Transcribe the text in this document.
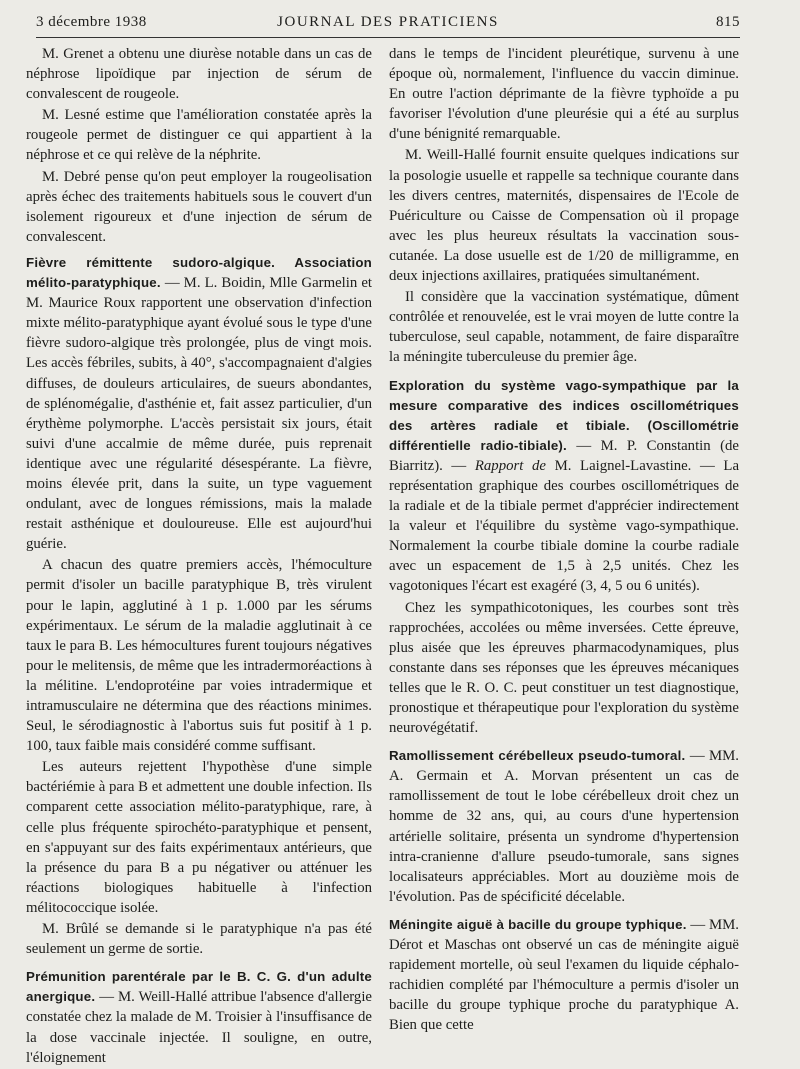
3 décembre 1938	JOURNAL DES PRATICIENS	815

M. Grenet a obtenu une diurèse notable dans un cas de néphrose lipoïdique par injection de sérum de convalescent de rougeole.

M. Lesné estime que l'amélioration constatée après la rougeole permet de distinguer ce qui appartient à la néphrose et ce qui relève de la néphrite.

M. Debré pense qu'on peut employer la rougeolisation après échec des traitements habituels sous le couvert d'un isolement rigoureux et d'une injection de sérum de convalescent.

Fièvre rémittente sudoro-algique. Association mélito-paratyphique. — M. L. Boidin, Mlle Garmelin et M. Maurice Roux rapportent une observation d'infection mixte mélito-paratyphique ayant évolué sous le type d'une fièvre sudoro-algique très prolongée, plus de vingt mois. Les accès fébriles, subits, à 40°, s'accompagnaient d'algies diffuses, de douleurs articulaires, de sueurs abondantes, de splénomégalie, d'asthénie et, fait assez particulier, d'un érythème polymorphe. L'accès persistait six jours, était suivi d'une accalmie de même durée, puis reprenait identique avec une régularité désespérante. La fièvre, moins élevée prit, dans la suite, un type vaguement ondulant, avec de longues rémissions, mais la malade restait asthénique et douloureuse. Elle est aujourd'hui guérie.

A chacun des quatre premiers accès, l'hémoculture permit d'isoler un bacille paratyphique B, très virulent pour le lapin, agglutiné à 1 p. 1.000 par les sérums expérimentaux. Le sérum de la maladie agglutinait à ce taux le para B. Les hémocultures furent toujours négatives pour le melitensis, de même que les intradermoréactions à la mélitine. L'endoprotéine par voies intradermique et intramusculaire ne détermina que des réactions minimes. Seul, le sérodiagnostic à l'abortus suis fut positif à 1 p. 100, taux faible mais considéré comme suffisant.

Les auteurs rejettent l'hypothèse d'une simple bactériémie à para B et admettent une double infection. Ils comparent cette association mélito-paratyphique, rare, à celle plus fréquente spirochéto-paratyphique et pensent, en s'appuyant sur des faits expérimentaux antérieurs, que la présence du para B a pu négativer ou atténuer les réactions biologiques habituelle à l'infection mélitococcique isolée.

M. Brûlé se demande si le paratyphique n'a pas été seulement un germe de sortie.

Prémunition parentérale par le B. C. G. d'un adulte anergique. — M. Weill-Hallé attribue l'absence d'allergie constatée chez la malade de M. Troisier à l'insuffisance de la dose vaccinale injectée. Il souligne, en outre, l'éloignement

dans le temps de l'incident pleurétique, survenu à une époque où, normalement, l'influence du vaccin diminue. En outre l'action déprimante de la fièvre typhoïde a pu favoriser l'évolution d'une pleurésie qui a été au surplus d'une bénignité remarquable.

M. Weill-Hallé fournit ensuite quelques indications sur la posologie usuelle et rappelle sa technique courante dans les divers centres, maternités, dispensaires de l'Ecole de Puériculture ou Caisse de Compensation où il propage avec les plus heureux résultats la vaccination sous-cutanée. La dose usuelle est de 1/20 de milligramme, en deux injections axillaires, pratiquées simultanément.

Il considère que la vaccination systématique, dûment contrôlée et renouvelée, est le vrai moyen de lutte contre la tuberculose, seul capable, notamment, de faire disparaître la méningite tuberculeuse du premier âge.

Exploration du système vago-sympathique par la mesure comparative des indices oscillométriques des artères radiale et tibiale. (Oscillométrie différentielle radio-tibiale). — M. P. Constantin (de Biarritz). — Rapport de M. Laignel-Lavastine. — La représentation graphique des courbes oscillométriques de la radiale et de la tibiale permet d'apprécier indirectement la valeur et l'équilibre du système vago-sympathique. Normalement la courbe tibiale domine la courbe radiale avec un espacement de 1,5 à 2,5 unités. Chez les vagotoniques l'écart est exagéré (3, 4, 5 ou 6 unités).

Chez les sympathicotoniques, les courbes sont très rapprochées, accolées ou même inversées. Cette épreuve, plus aisée que les épreuves pharmacodynamiques, plus constante dans ses réponses que les épreuves mécaniques telles que le R. O. C. peut constituer un test diagnostique, pronostique et thérapeutique pour l'exploration du système neurovégétatif.

Ramollissement cérébelleux pseudo-tumoral. — MM. A. Germain et A. Morvan présentent un cas de ramollissement de tout le lobe cérébelleux droit chez un homme de 32 ans, qui, au cours d'une hypertension artérielle solitaire, présenta un syndrome d'hypertension intra-cranienne d'allure pseudo-tumorale, sans signes localisateurs appréciables. Mort au douzième mois de l'évolution. Pas de spécificité décelable.

Méningite aiguë à bacille du groupe typhique. — MM. Dérot et Maschas ont observé un cas de méningite aiguë rapidement mortelle, où seul l'examen du liquide céphalo-rachidien complété par l'hémoculture a permis d'isoler un bacille du groupe typhique proche du paratyphique A. Bien que cette
